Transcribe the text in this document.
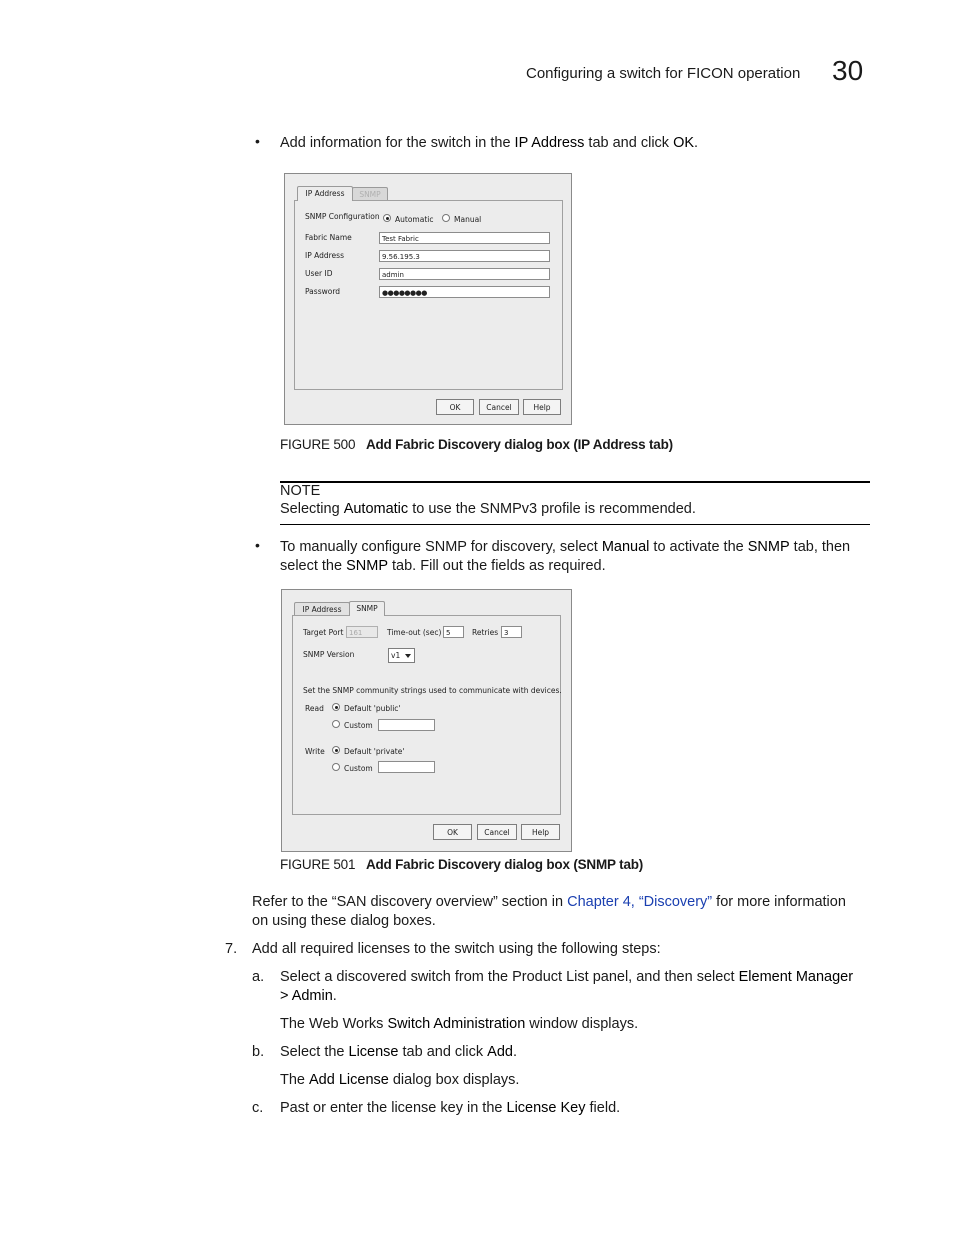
Configuring a switch for FICON operation 30
• Add information for the switch in the IP Address tab and click OK.
IP Address	SNMP
SNMP Configuration Automatic	Manual
Fabric Name	Test Fabric
IP Address	9.56.195.3
User ID	admin
Password	●●●●●●●●
OK	Cancel	Help
FIGURE 500 Add Fabric Discovery dialog box (IP Address tab)
NOTE
Selecting Automatic to use the SNMPv3 profile is recommended.
• To manually configure SNMP for discovery, select Manual to activate the SNMP tab, then
select the SNMP tab. Fill out the fields as required.
IP Address	SNMP
Target Port 161	Time-out (sec) 5	Retries 3
SNMP Version	v1
Set the SNMP community strings used to communicate with devices.
Read	Default 'public'
Custom
Write	Default 'private'
Custom
OK	Cancel	Help
FIGURE 501 Add Fabric Discovery dialog box (SNMP tab)
Refer to the “SAN discovery overview” section in Chapter 4, “Discovery” for more information
on using these dialog boxes.
7. Add all required licenses to the switch using the following steps:
a. Select a discovered switch from the Product List panel, and then select Element Manager
> Admin.
The Web Works Switch Administration window displays.
b. Select the License tab and click Add.
The Add License dialog box displays.
c. Past or enter the license key in the License Key field.
